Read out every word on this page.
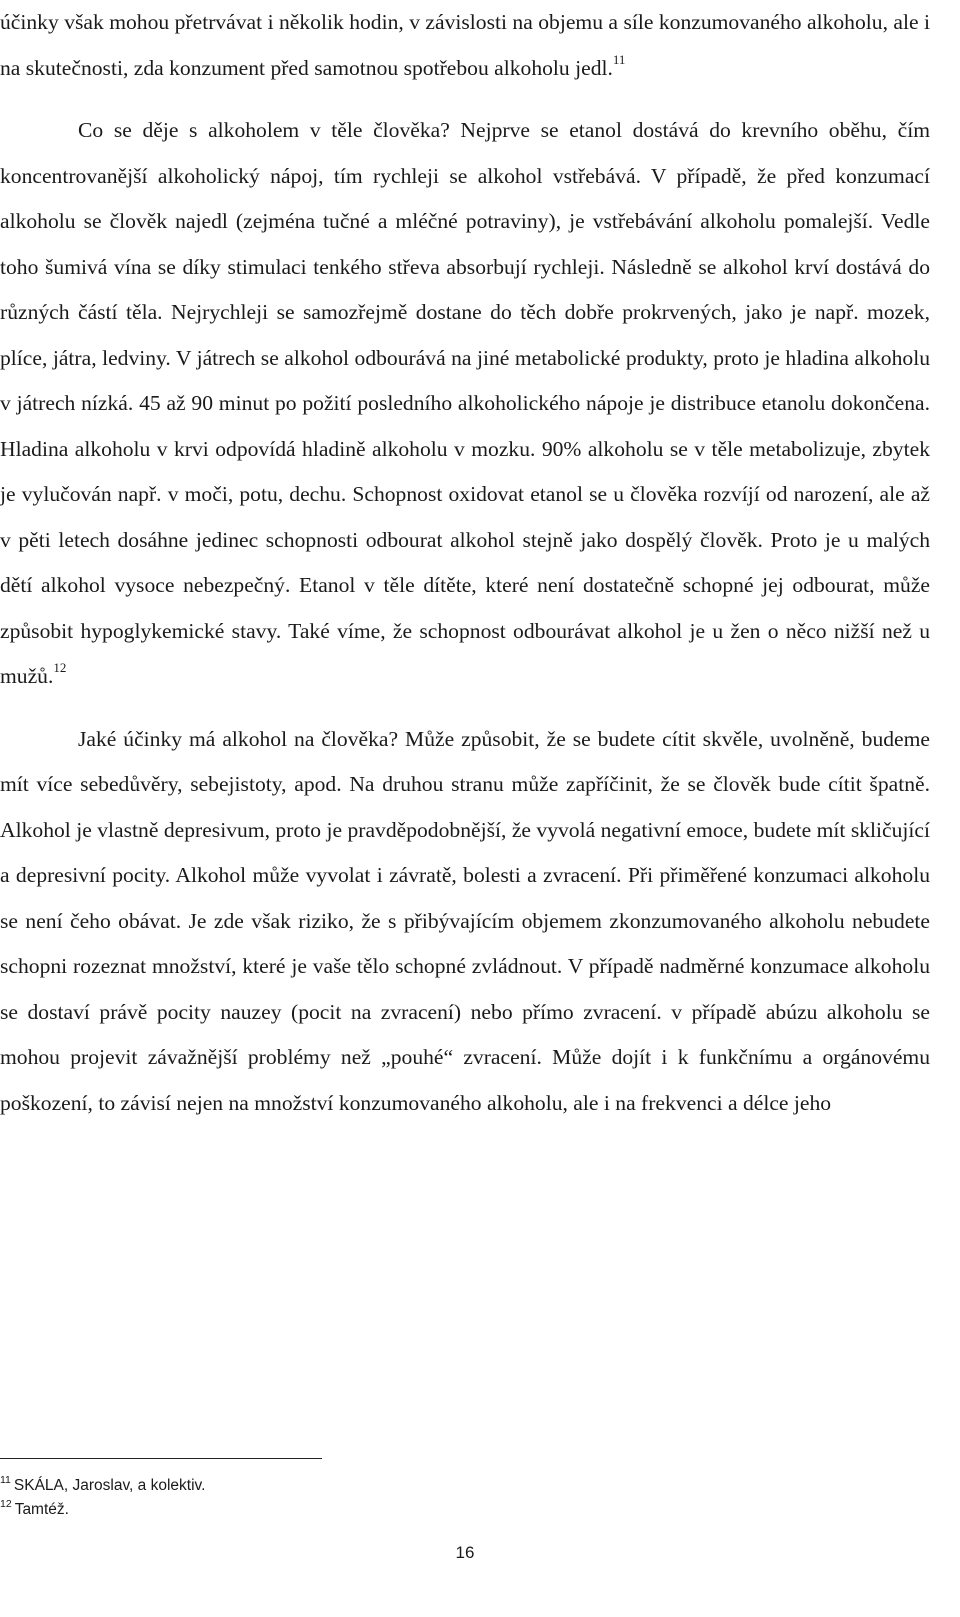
účinky však mohou přetrvávat i několik hodin, v závislosti na objemu a síle konzumovaného alkoholu, ale i na skutečnosti, zda konzument před samotnou spotřebou alkoholu jedl.$^{11}$

Co se děje s alkoholem v těle člověka? Nejprve se etanol dostává do krevního oběhu, čím koncentrovanější alkoholický nápoj, tím rychleji se alkohol vstřebává. V případě, že před konzumací alkoholu se člověk najedl (zejména tučné a mléčné potraviny), je vstřebávání alkoholu pomalejší. Vedle toho šumivá vína se díky stimulaci tenkého střeva absorbují rychleji. Následně se alkohol krví dostává do různých částí těla. Nejrychleji se samozřejmě dostane do těch dobře prokrvených, jako je např. mozek, plíce, játra, ledviny. V játrech se alkohol odbourává na jiné metabolické produkty, proto je hladina alkoholu v játrech nízká. 45 až 90 minut po požití posledního alkoholického nápoje je distribuce etanolu dokončena. Hladina alkoholu v krvi odpovídá hladině alkoholu v mozku. 90% alkoholu se v těle metabolizuje, zbytek je vylučován např. v moči, potu, dechu. Schopnost oxidovat etanol se u člověka rozvíjí od narození, ale až v pěti letech dosáhne jedinec schopnosti odbourat alkohol stejně jako dospělý člověk. Proto je u malých dětí alkohol vysoce nebezpečný. Etanol v těle dítěte, které není dostatečně schopné jej odbourat, může způsobit hypoglykemické stavy. Také víme, že schopnost odbourávat alkohol je u žen o něco nižší než u mužů.$^{12}$

Jaké účinky má alkohol na člověka? Může způsobit, že se budete cítit skvěle, uvolněně, budeme mít více sebedůvěry, sebejistoty, apod. Na druhou stranu může zapříčinit, že se člověk bude cítit špatně. Alkohol je vlastně depresivum, proto je pravděpodobnější, že vyvolá negativní emoce, budete mít skličující a depresivní pocity. Alkohol může vyvolat i závratě, bolesti a zvracení. Při přiměřené konzumaci alkoholu se není čeho obávat. Je zde však riziko, že s přibývajícím objemem zkonzumovaného alkoholu nebudete schopni rozeznat množství, které je vaše tělo schopné zvládnout. V případě nadměrné konzumace alkoholu se dostaví právě pocity nauzey (pocit na zvracení) nebo přímo zvracení. v případě abúzu alkoholu se mohou projevit závažnější problémy než „pouhé“ zvracení. Může dojít i k funkčnímu a orgánovému poškození, to závisí nejen na množství konzumovaného alkoholu, ale i na frekvenci a délce jeho

$^{11}$ SKÁLA, Jaroslav, a kolektiv.

$^{12}$ Tamtéž.

16
